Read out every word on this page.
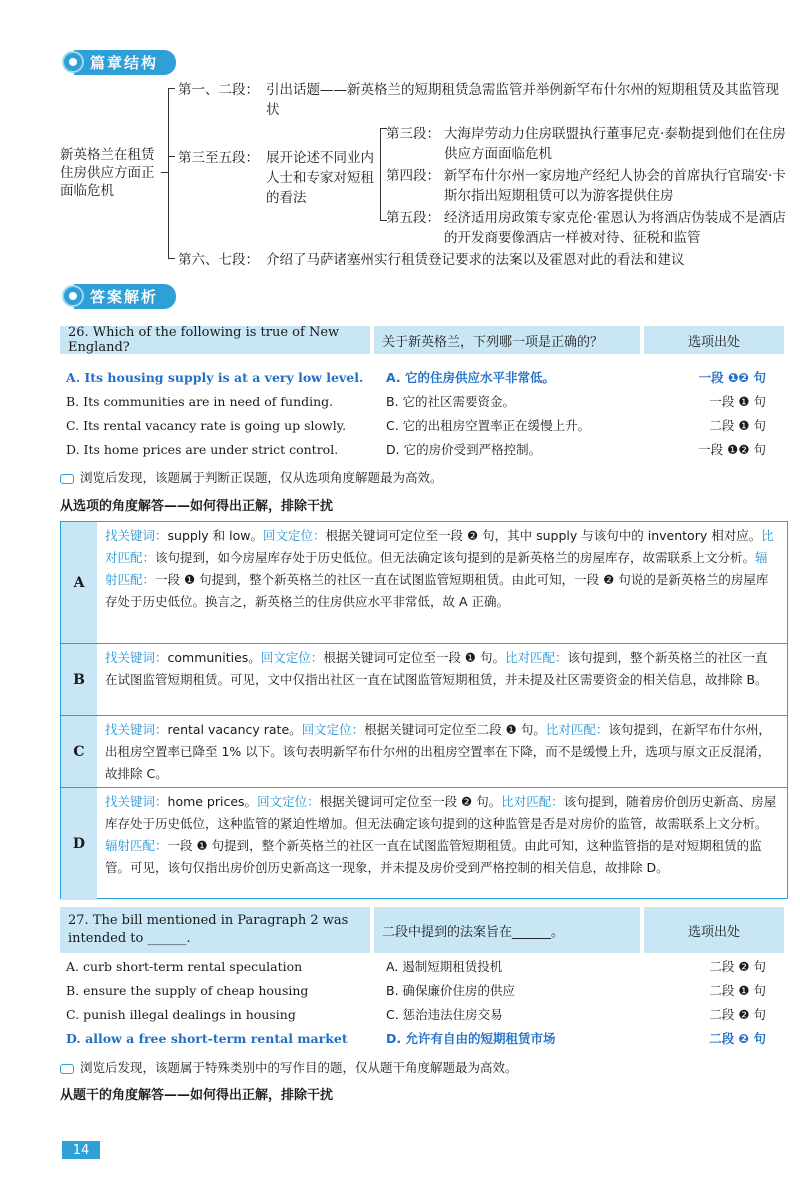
篇章结构
新英格兰在租赁住房供应方面正面临危机
第一、二段： 引出话题——新英格兰的短期租赁急需监管并举例新罕布什尔州的短期租赁及其监管现状
第三至五段： 展开论述不同业内人士和专家对短租的看法
第三段： 大海岸劳动力住房联盟执行董事尼克·泰勒提到他们在住房供应方面面临危机
第四段： 新罕布什尔州一家房地产经纪人协会的首席执行官瑞安·卡斯尔指出短期租赁可以为游客提供住房
第五段： 经济适用房政策专家克伦·霍恩认为将酒店伪装成不是酒店的开发商要像酒店一样被对待、征税和监管
第六、七段： 介绍了马萨诸塞州实行租赁登记要求的法案以及霍恩对此的看法和建议
答案解析
26. Which of the following is true of New England?	关于新英格兰，下列哪一项是正确的？	选项出处
A. Its housing supply is at a very low level.	A. 它的住房供应水平非常低。	一段 ❶❷ 句
B. Its communities are in need of funding.	B. 它的社区需要资金。	一段 ❶ 句
C. Its rental vacancy rate is going up slowly.	C. 它的出租房空置率正在缓慢上升。	二段 ❶ 句
D. Its home prices are under strict control.	D. 它的房价受到严格控制。	一段 ❶❷ 句
浏览后发现，该题属于判断正误题，仅从选项角度解题最为高效。
从选项的角度解答——如何得出正解，排除干扰
A
找关键词：supply 和 low。回文定位：根据关键词可定位至一段 ❷ 句，其中 supply 与该句中的 inventory 相对应。比对匹配：该句提到，如今房屋库存处于历史低位。但无法确定该句提到的是新英格兰的房屋库存，故需联系上文分析。辐射匹配：一段 ❶ 句提到，整个新英格兰的社区一直在试图监管短期租赁。由此可知，一段 ❷ 句说的是新英格兰的房屋库存处于历史低位。换言之，新英格兰的住房供应水平非常低，故 A 正确。
B
找关键词：communities。回文定位：根据关键词可定位至一段 ❶ 句。比对匹配：该句提到，整个新英格兰的社区一直在试图监管短期租赁。可见，文中仅指出社区一直在试图监管短期租赁，并未提及社区需要资金的相关信息，故排除 B。
C
找关键词：rental vacancy rate。回文定位：根据关键词可定位至二段 ❶ 句。比对匹配：该句提到，在新罕布什尔州，出租房空置率已降至 1% 以下。该句表明新罕布什尔州的出租房空置率在下降，而不是缓慢上升，选项与原文正反混淆，故排除 C。
D
找关键词：home prices。回文定位：根据关键词可定位至一段 ❷ 句。比对匹配：该句提到，随着房价创历史新高、房屋库存处于历史低位，这种监管的紧迫性增加。但无法确定该句提到的这种监管是否是对房价的监管，故需联系上文分析。辐射匹配：一段 ❶ 句提到，整个新英格兰的社区一直在试图监管短期租赁。由此可知，这种监管指的是对短期租赁的监管。可见，该句仅指出房价创历史新高这一现象，并未提及房价受到严格控制的相关信息，故排除 D。
27. The bill mentioned in Paragraph 2 was intended to ______.	二段中提到的法案旨在______。	选项出处
A. curb short-term rental speculation	A. 遏制短期租赁投机	二段 ❷ 句
B. ensure the supply of cheap housing	B. 确保廉价住房的供应	二段 ❶ 句
C. punish illegal dealings in housing	C. 惩治违法住房交易	二段 ❷ 句
D. allow a free short-term rental market	D. 允许有自由的短期租赁市场	二段 ❷ 句
浏览后发现，该题属于特殊类别中的写作目的题，仅从题干角度解题最为高效。
从题干的角度解答——如何得出正解，排除干扰
14
